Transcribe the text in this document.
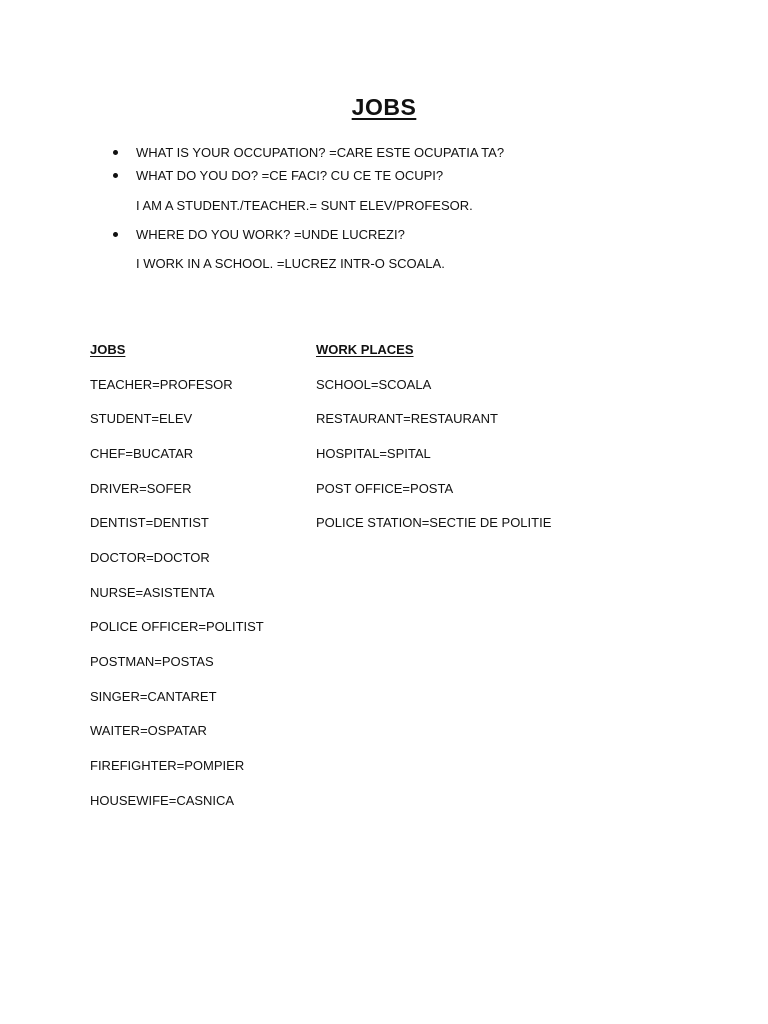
JOBS
WHAT IS YOUR OCCUPATION? =CARE ESTE OCUPATIA TA?
WHAT DO YOU DO? =CE FACI? CU CE TE OCUPI?
I AM A STUDENT./TEACHER.= SUNT ELEV/PROFESOR.
WHERE DO YOU WORK? =UNDE LUCREZI?
I WORK IN A SCHOOL. =LUCREZ INTR-O SCOALA.
JOBS
TEACHER=PROFESOR
STUDENT=ELEV
CHEF=BUCATAR
DRIVER=SOFER
DENTIST=DENTIST
DOCTOR=DOCTOR
NURSE=ASISTENTA
POLICE OFFICER=POLITIST
POSTMAN=POSTAS
SINGER=CANTARET
WAITER=OSPATAR
FIREFIGHTER=POMPIER
HOUSEWIFE=CASNICA
WORK PLACES
SCHOOL=SCOALA
RESTAURANT=RESTAURANT
HOSPITAL=SPITAL
POST OFFICE=POSTA
POLICE STATION=SECTIE DE POLITIE
